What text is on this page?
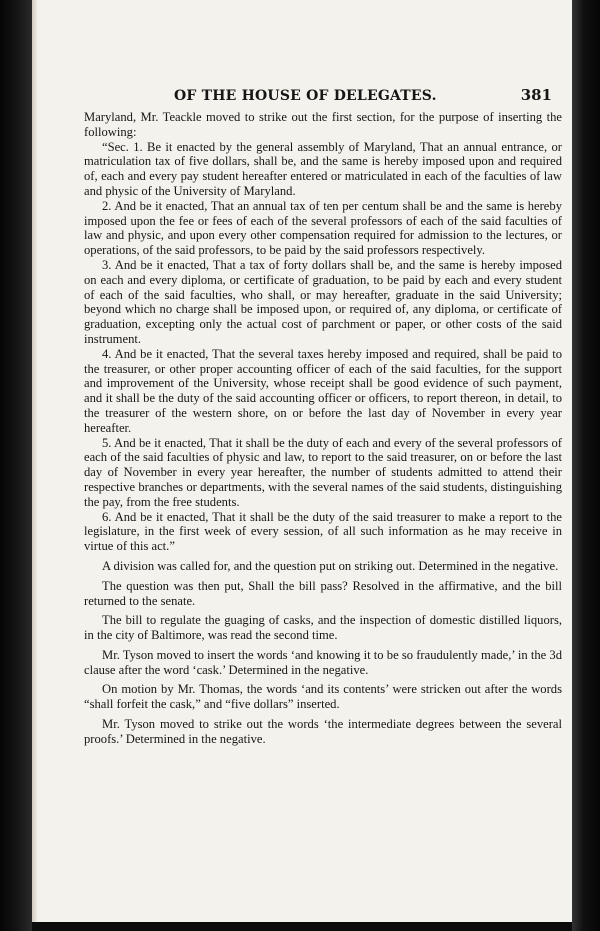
OF THE HOUSE OF DELEGATES.	381

Maryland, Mr. Teackle moved to strike out the first section, for the purpose of inserting the following:

“Sec. 1. Be it enacted by the general assembly of Maryland, That an annual entrance, or matriculation tax of five dollars, shall be, and the same is hereby imposed upon and required of, each and every pay student hereafter entered or matriculated in each of the faculties of law and physic of the University of Maryland.

2. And be it enacted, That an annual tax of ten per centum shall be and the same is hereby imposed upon the fee or fees of each of the several professors of each of the said faculties of law and physic, and upon every other compensation required for admission to the lectures, or operations, of the said professors, to be paid by the said professors respectively.

3. And be it enacted, That a tax of forty dollars shall be, and the same is hereby imposed on each and every diploma, or certificate of graduation, to be paid by each and every student of each of the said faculties, who shall, or may hereafter, graduate in the said University; beyond which no charge shall be imposed upon, or required of, any diploma, or certificate of graduation, excepting only the actual cost of parchment or paper, or other costs of the said instrument.

4. And be it enacted, That the several taxes hereby imposed and required, shall be paid to the treasurer, or other proper accounting officer of each of the said faculties, for the support and improvement of the University, whose receipt shall be good evidence of such payment, and it shall be the duty of the said accounting officer or officers, to report thereon, in detail, to the treasurer of the western shore, on or before the last day of November in every year hereafter.

5. And be it enacted, That it shall be the duty of each and every of the several professors of each of the said faculties of physic and law, to report to the said treasurer, on or before the last day of November in every year hereafter, the number of students admitted to attend their respective branches or departments, with the several names of the said students, distinguishing the pay, from the free students.

6. And be it enacted, That it shall be the duty of the said treasurer to make a report to the legislature, in the first week of every session, of all such information as he may receive in virtue of this act.”

A division was called for, and the question put on striking out. Determined in the negative.

The question was then put, Shall the bill pass? Resolved in the affirmative, and the bill returned to the senate.

The bill to regulate the guaging of casks, and the inspection of domestic distilled liquors, in the city of Baltimore, was read the second time.

Mr. Tyson moved to insert the words ‘and knowing it to be so fraudulently made,’ in the 3d clause after the word ‘cask.’ Determined in the negative.

On motion by Mr. Thomas, the words ‘and its contents’ were stricken out after the words “shall forfeit the cask,” and “five dollars” inserted.

Mr. Tyson moved to strike out the words ‘the intermediate degrees between the several proofs.’ Determined in the negative.
